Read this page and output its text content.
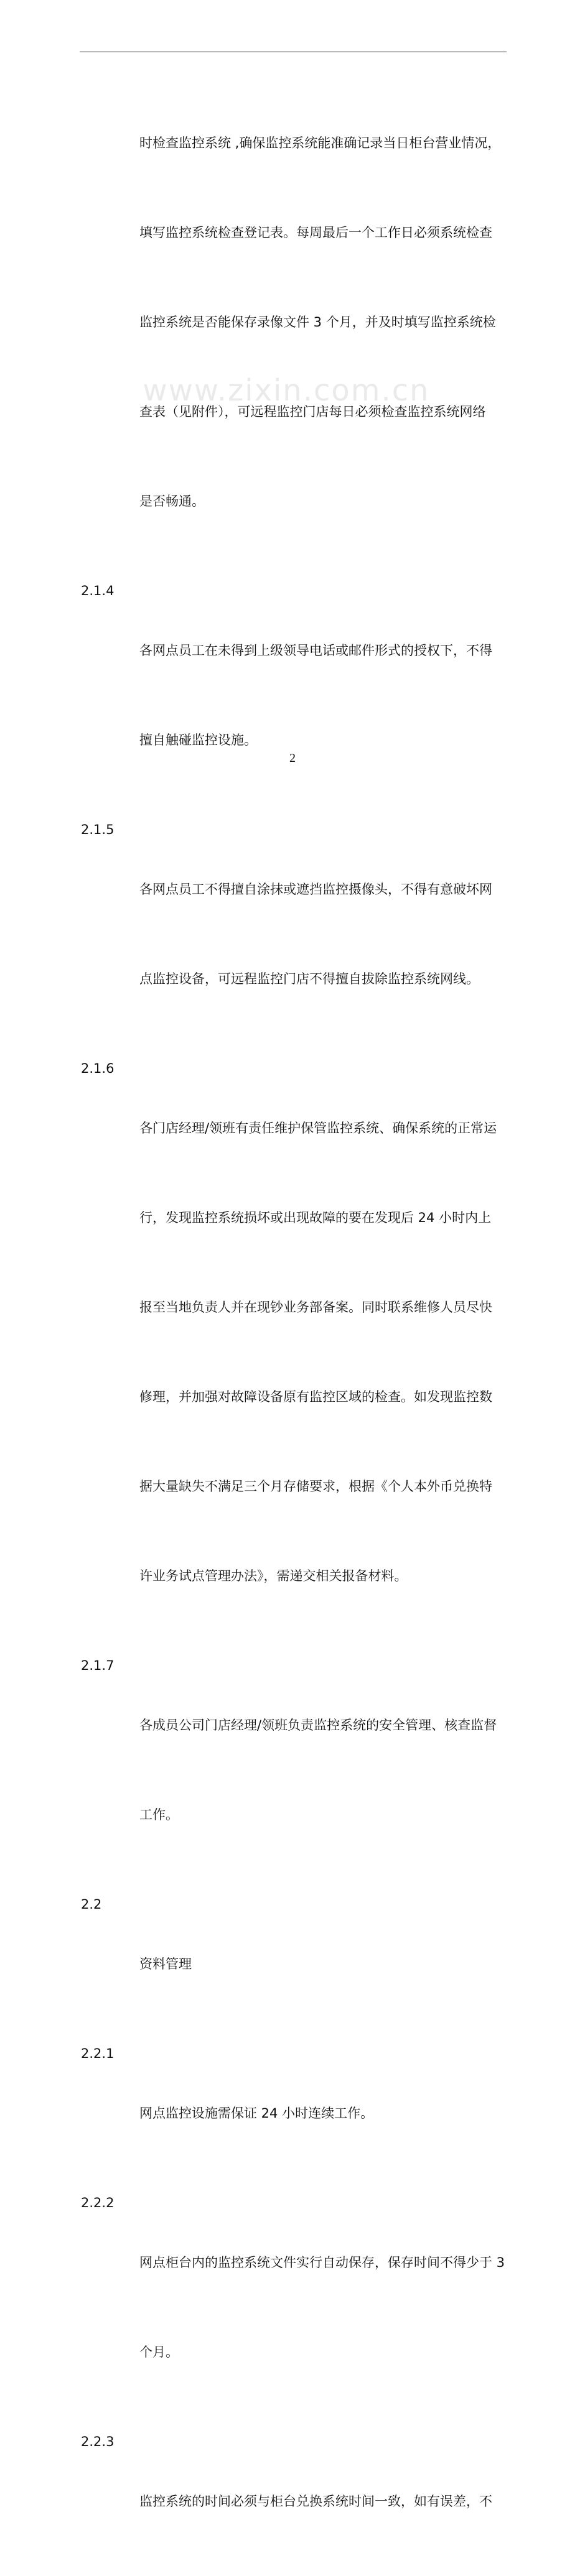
www.zixin.com.cn

时检查监控系统 ,确保监控系统能准确记录当日柜台营业情况，

填写监控系统检查登记表。每周最后一个工作日必须系统检查

监控系统是否能保存录像文件 3 个月，并及时填写监控系统检

查表（见附件），可远程监控门店每日必须检查监控系统网络

是否畅通。

2.1.4

各网点员工在未得到上级领导电话或邮件形式的授权下，不得

擅自触碰监控设施。

2.1.5

各网点员工不得擅自涂抹或遮挡监控摄像头，不得有意破坏网

点监控设备，可远程监控门店不得擅自拔除监控系统网线。

2.1.6

各门店经理/领班有责任维护保管监控系统、确保系统的正常运

行，发现监控系统损坏或出现故障的要在发现后 24 小时内上

报至当地负责人并在现钞业务部备案。同时联系维修人员尽快

修理，并加强对故障设备原有监控区域的检查。如发现监控数

据大量缺失不满足三个月存储要求，根据《个人本外币兑换特

许业务试点管理办法》，需递交相关报备材料。

2.1.7

各成员公司门店经理/领班负责监控系统的安全管理、核查监督

工作。

2.2

资料管理

2.2.1

网点监控设施需保证 24 小时连续工作。

2.2.2

网点柜台内的监控系统文件实行自动保存，保存时间不得少于 3

个月。

2.2.3

监控系统的时间必须与柜台兑换系统时间一致，如有误差，不

2
